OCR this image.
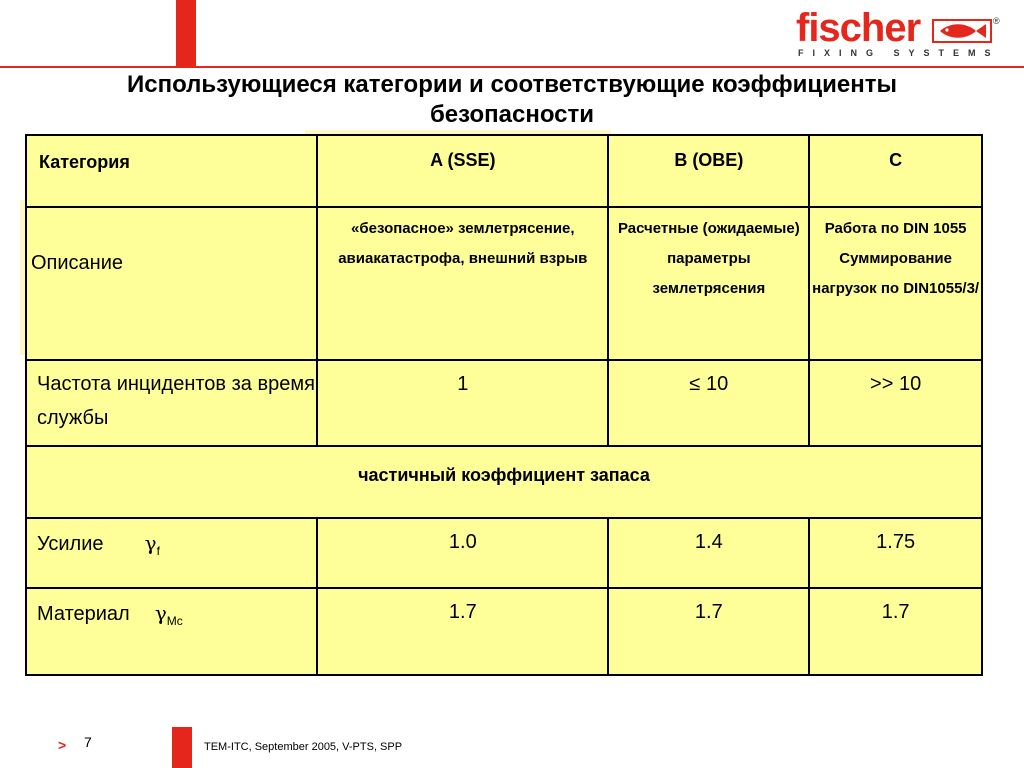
fischer	®
FIXING SYSTEMS
Использующиеся категории и соответствующие коэффициенты
безопасности
Категория	A (SSE)	B (OBE)	C
Описание	«безопасное» землетрясение, авиакатастрофа, внешний взрыв	Расчетные (ожидаемые) параметры землетрясения	Работа по DIN 1055 Суммирование нагрузок по DIN1055/3/
Частота инцидентов за время службы	1	≤ 10	>> 10
частичный коэффициент запаса			
Усилие $\gamma_f$	1.0	1.4	1.75
Материал $\gamma_{Mc}$	1.7	1.7	1.7
> 7	TEM-ITC, September 2005, V-PTS, SPP
